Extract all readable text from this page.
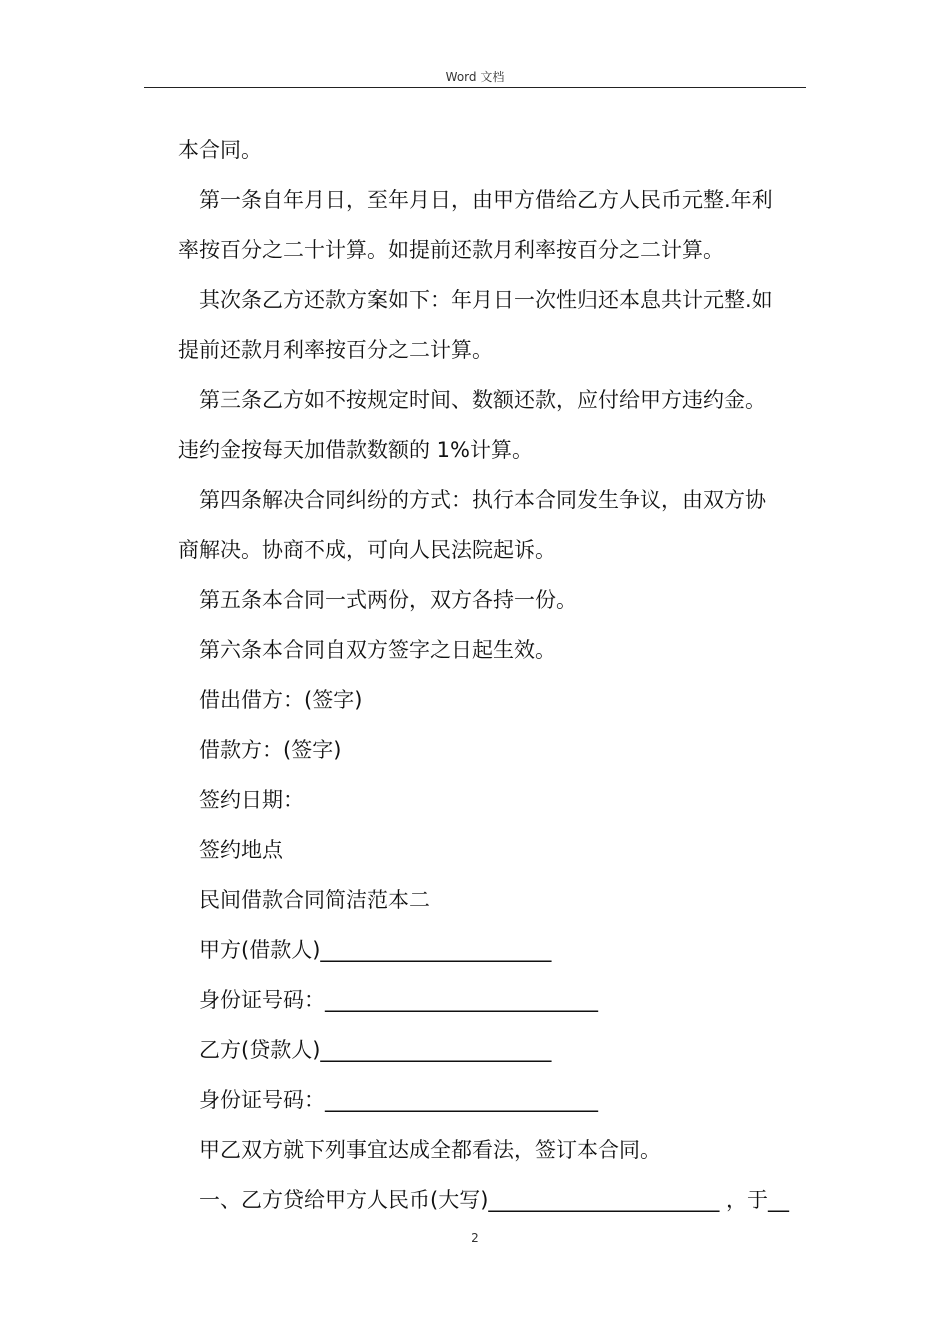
Word 文档

本合同。

第一条自年月日，至年月日，由甲方借给乙方人民币元整.年利

率按百分之二十计算。如提前还款月利率按百分之二计算。

其次条乙方还款方案如下：年月日一次性归还本息共计元整.如

提前还款月利率按百分之二计算。

第三条乙方如不按规定时间、数额还款，应付给甲方违约金。

违约金按每天加借款数额的 1%计算。

第四条解决合同纠纷的方式：执行本合同发生争议，由双方协

商解决。协商不成，可向人民法院起诉。

第五条本合同一式两份，双方各持一份。

第六条本合同自双方签字之日起生效。

借出借方：(签字)

借款方：(签字)

签约日期：

签约地点

民间借款合同简洁范本二

甲方(借款人)______________________

身份证号码：__________________________

乙方(贷款人)______________________

身份证号码：__________________________

甲乙双方就下列事宜达成全都看法，签订本合同。

一、乙方贷给甲方人民币(大写)______________________ ，于__

2
